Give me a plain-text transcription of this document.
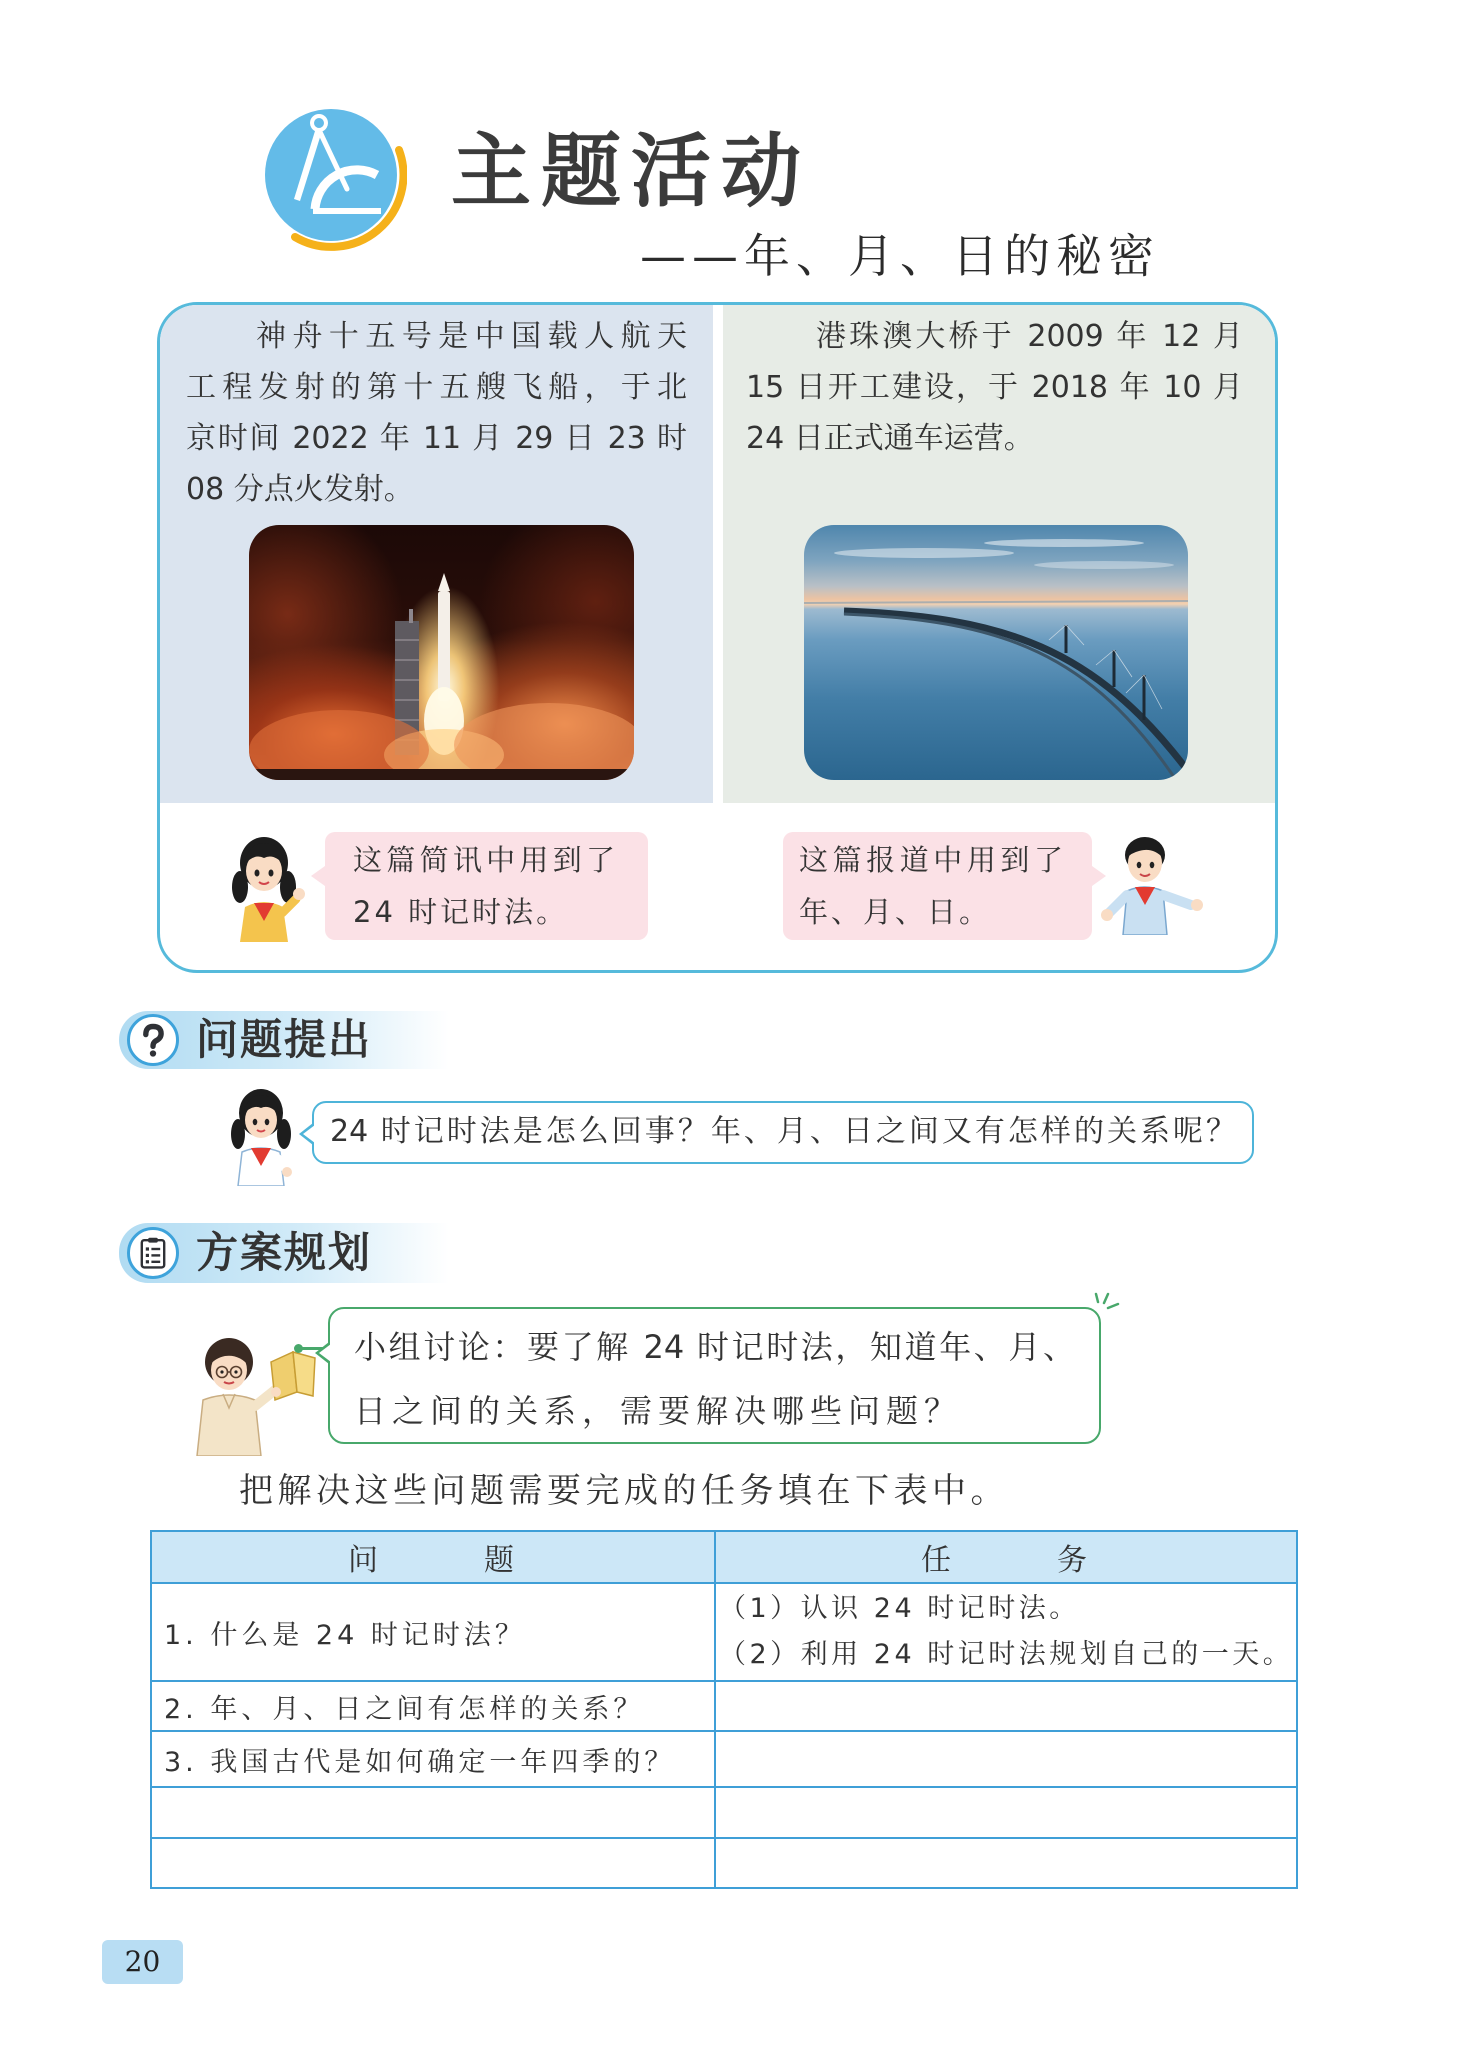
主题活动
——年、月、日的秘密
神舟十五号是中国载人航天
工程发射的第十五艘飞船，于北
京时间 2022 年 11 月 29 日 23 时
08 分点火发射。
港珠澳大桥于 2009 年 12 月
15 日开工建设，于 2018 年 10 月
24 日正式通车运营。
这篇简讯中用到了
24 时记时法。
这篇报道中用到了
年、月、日。
问题提出
24 时记时法是怎么回事？年、月、日之间又有怎样的关系呢？
方案规划
小组讨论：要了解 24 时记时法，知道年、月、
日之间的关系，需要解决哪些问题？
把解决这些问题需要完成的任务填在下表中。
问　　　题	任　　　务
1. 什么是 24 时记时法？	（1）认识 24 时记时法。
（2）利用 24 时记时法规划自己的一天。

2. 年、月、日之间有怎样的关系？	
3. 我国古代是如何确定一年四季的？	

20
